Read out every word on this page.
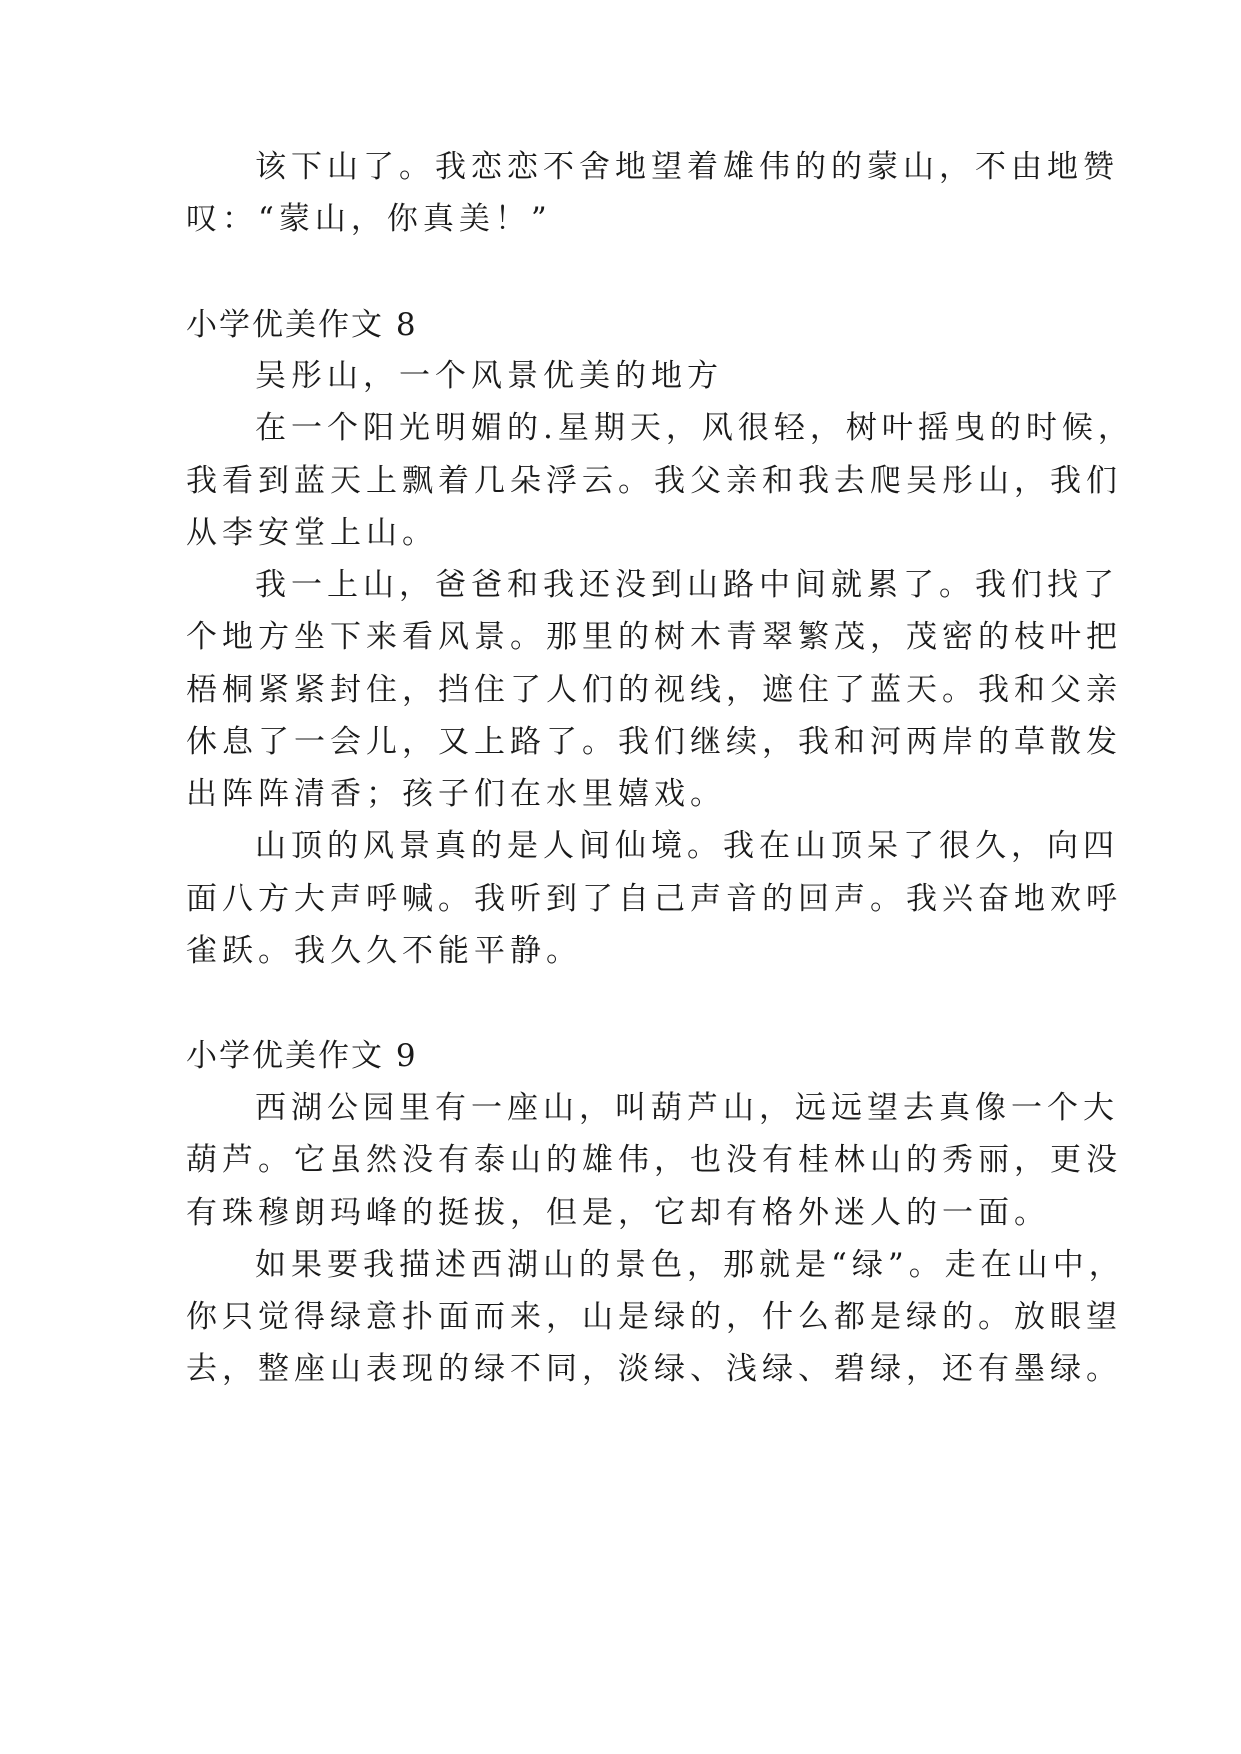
该下山了。我恋恋不舍地望着雄伟的的蒙山，不由地赞
叹：“蒙山，你真美！”
小学优美作文 8
吴彤山，一个风景优美的地方
在一个阳光明媚的.星期天，风很轻，树叶摇曳的时候，
我看到蓝天上飘着几朵浮云。我父亲和我去爬吴彤山，我们
从李安堂上山。
我一上山，爸爸和我还没到山路中间就累了。我们找了
个地方坐下来看风景。那里的树木青翠繁茂，茂密的枝叶把
梧桐紧紧封住，挡住了人们的视线，遮住了蓝天。我和父亲
休息了一会儿，又上路了。我们继续，我和河两岸的草散发
出阵阵清香；孩子们在水里嬉戏。
山顶的风景真的是人间仙境。我在山顶呆了很久，向四
面八方大声呼喊。我听到了自己声音的回声。我兴奋地欢呼
雀跃。我久久不能平静。
小学优美作文 9
西湖公园里有一座山，叫葫芦山，远远望去真像一个大
葫芦。它虽然没有泰山的雄伟，也没有桂林山的秀丽，更没
有珠穆朗玛峰的挺拔，但是，它却有格外迷人的一面。
如果要我描述西湖山的景色，那就是“绿”。走在山中，
你只觉得绿意扑面而来，山是绿的，什么都是绿的。放眼望
去，整座山表现的绿不同，淡绿、浅绿、碧绿，还有墨绿。
